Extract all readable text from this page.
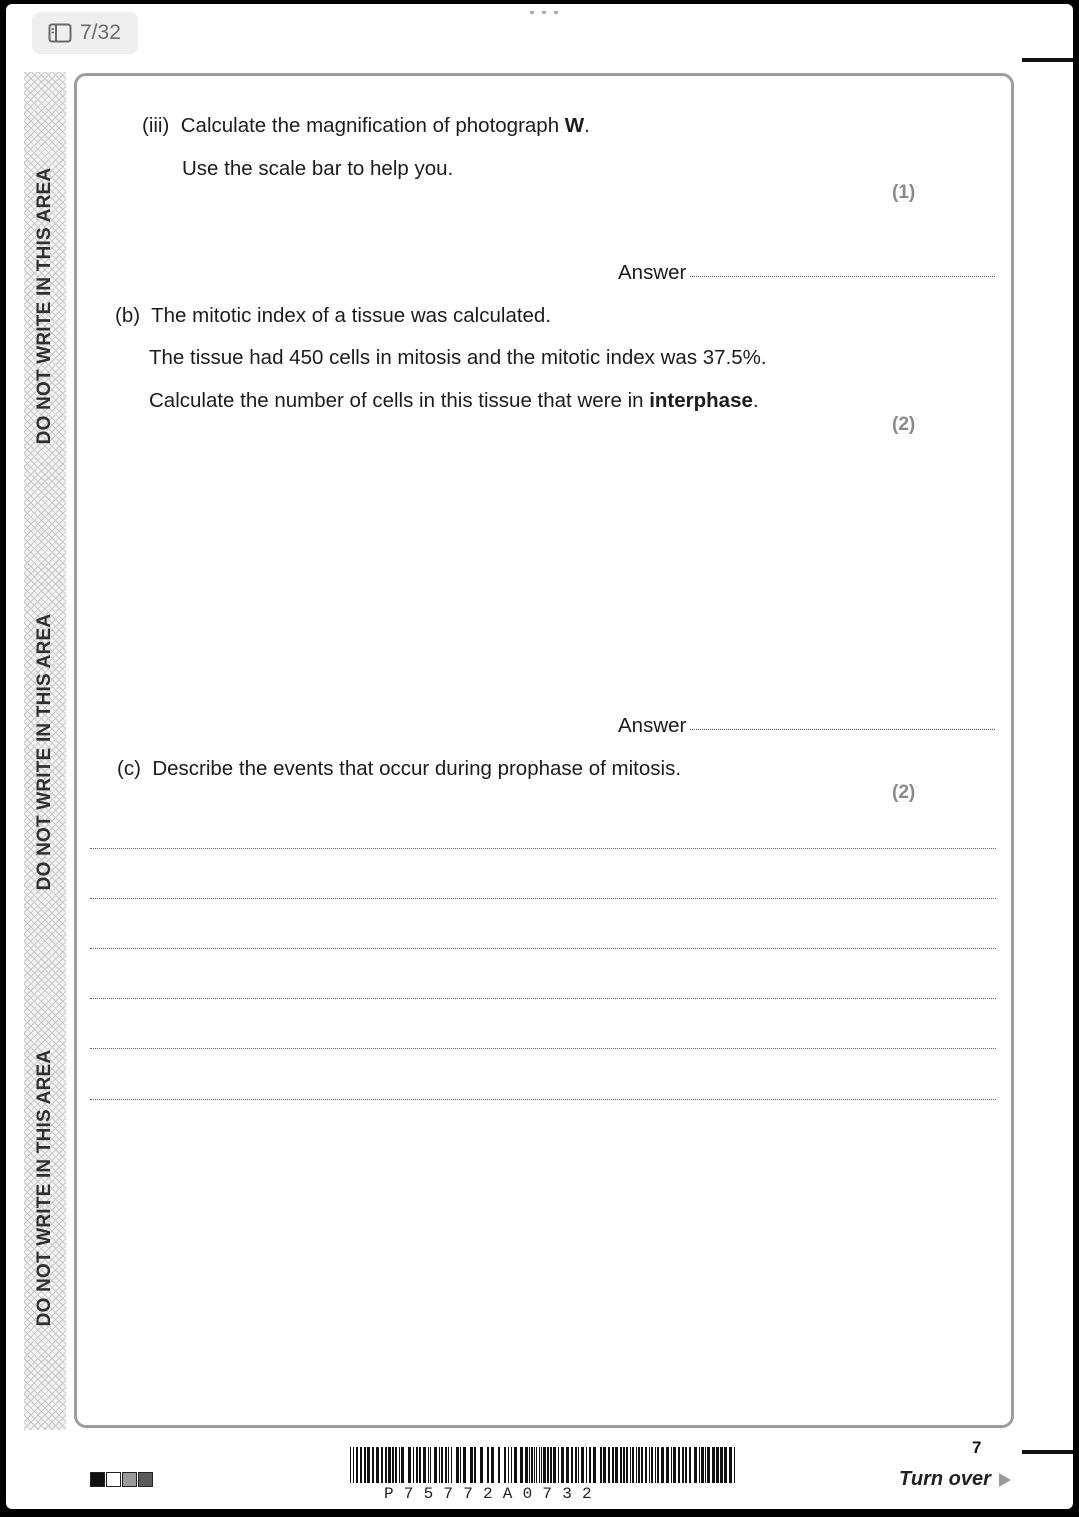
7/32
DO NOT WRITE IN THIS AREA
DO NOT WRITE IN THIS AREA
DO NOT WRITE IN THIS AREA
(iii) Calculate the magnification of photograph W.
Use the scale bar to help you.
(1)
Answer
(b) The mitotic index of a tissue was calculated.
The tissue had 450 cells in mitosis and the mitotic index was 37.5%.
Calculate the number of cells in this tissue that were in interphase.
(2)
Answer
(c) Describe the events that occur during prophase of mitosis.
(2)
P75772A0732
7
Turn over
